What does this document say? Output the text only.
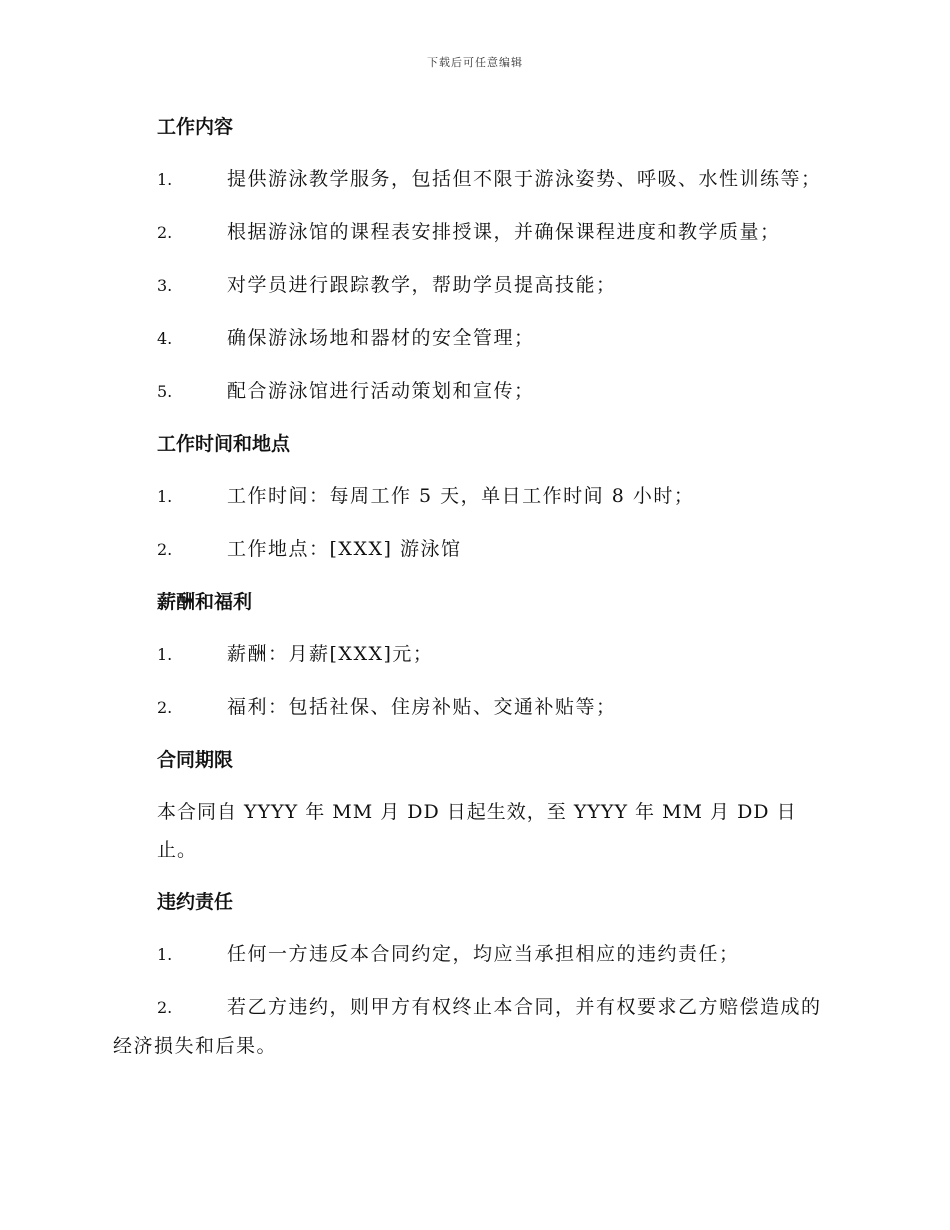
下载后可任意编辑
工作内容
1.	提供游泳教学服务，包括但不限于游泳姿势、呼吸、水性训练等；
2.	根据游泳馆的课程表安排授课，并确保课程进度和教学质量；
3.	对学员进行跟踪教学，帮助学员提高技能；
4.	确保游泳场地和器材的安全管理；
5.	配合游泳馆进行活动策划和宣传；
工作时间和地点
1.	工作时间：每周工作 5 天，单日工作时间 8 小时；
2.	工作地点：[XXX] 游泳馆
薪酬和福利
1.	薪酬：月薪[XXX]元；
2.	福利：包括社保、住房补贴、交通补贴等；
合同期限
本合同自 YYYY 年 MM 月 DD 日起生效，至 YYYY 年 MM 月 DD 日止。
违约责任
1.	任何一方违反本合同约定，均应当承担相应的违约责任；
2.	若乙方违约，则甲方有权终止本合同，并有权要求乙方赔偿造成的经济损失和后果。
